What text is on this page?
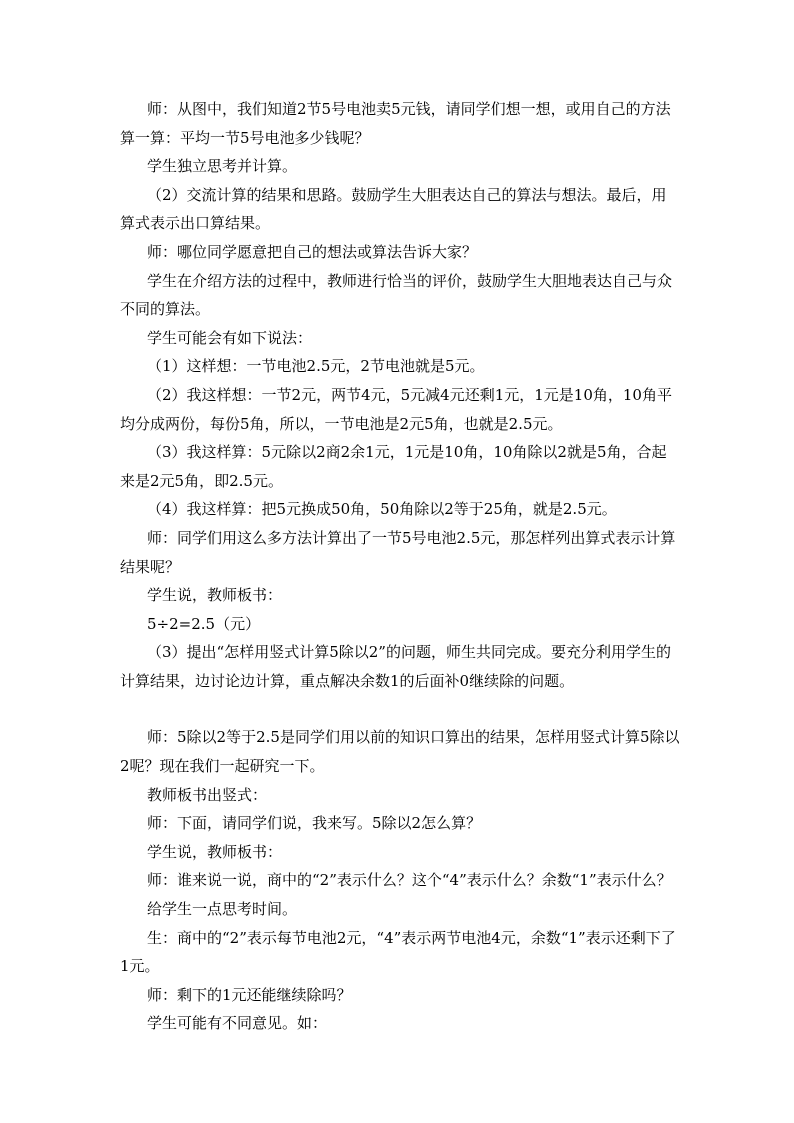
师：从图中，我们知道2节5号电池卖5元钱，请同学们想一想，或用自己的方法算一算：平均一节5号电池多少钱呢？

学生独立思考并计算。

（2）交流计算的结果和思路。鼓励学生大胆表达自己的算法与想法。最后，用算式表示出口算结果。

师：哪位同学愿意把自己的想法或算法告诉大家？

学生在介绍方法的过程中，教师进行恰当的评价，鼓励学生大胆地表达自己与众不同的算法。

学生可能会有如下说法：

（1）这样想：一节电池2.5元，2节电池就是5元。

（2）我这样想：一节2元，两节4元，5元减4元还剩1元，1元是10角，10角平均分成两份，每份5角，所以，一节电池是2元5角，也就是2.5元。

（3）我这样算：5元除以2商2余1元，1元是10角，10角除以2就是5角，合起来是2元5角，即2.5元。

（4）我这样算：把5元换成50角，50角除以2等于25角，就是2.5元。

师：同学们用这么多方法计算出了一节5号电池2.5元，那怎样列出算式表示计算结果呢？

学生说，教师板书：

5÷2=2.5（元）

（3）提出“怎样用竖式计算5除以2”的问题，师生共同完成。要充分利用学生的计算结果，边讨论边计算，重点解决余数1的后面补0继续除的问题。

师：5除以2等于2.5是同学们用以前的知识口算出的结果，怎样用竖式计算5除以2呢？现在我们一起研究一下。

教师板书出竖式：

师：下面，请同学们说，我来写。5除以2怎么算？

学生说，教师板书：

师：谁来说一说，商中的“2”表示什么？这个“4”表示什么？余数“1”表示什么？

给学生一点思考时间。

生：商中的“2”表示每节电池2元，“4”表示两节电池4元，余数“1”表示还剩下了1元。

师：剩下的1元还能继续除吗？

学生可能有不同意见。如：
